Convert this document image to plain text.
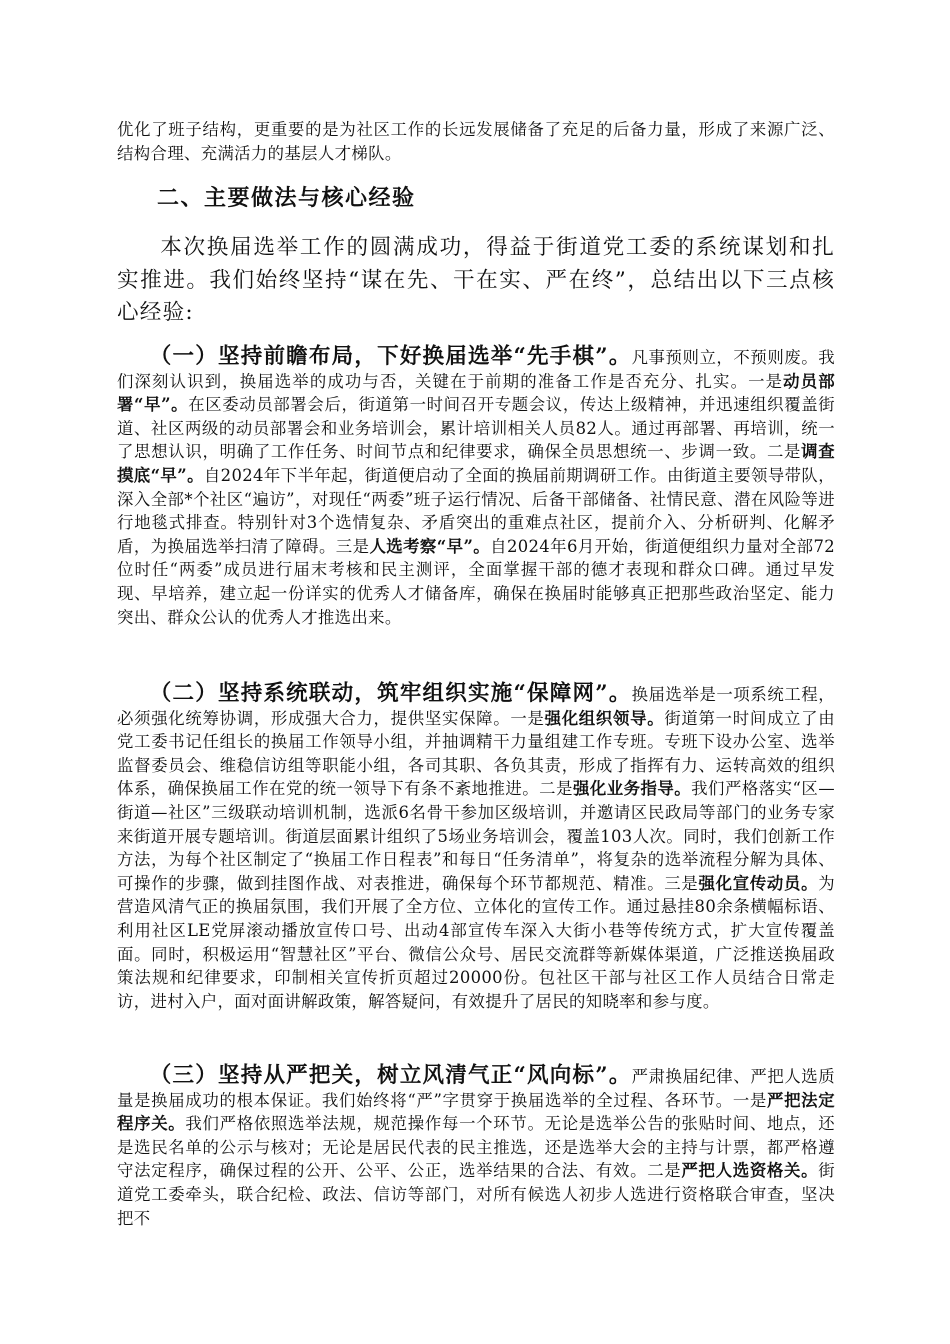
优化了班子结构，更重要的是为社区工作的长远发展储备了充足的后备力量，形成了来源广泛、结构合理、充满活力的基层人才梯队。

二、主要做法与核心经验

本次换届选举工作的圆满成功，得益于街道党工委的系统谋划和扎实推进。我们始终坚持“谋在先、干在实、严在终”，总结出以下三点核心经验:

（一）坚持前瞻布局，下好换届选举“先手棋”。凡事预则立，不预则废。我们深刻认识到，换届选举的成功与否，关键在于前期的准备工作是否充分、扎实。一是动员部署“早”。在区委动员部署会后，街道第一时间召开专题会议，传达上级精神，并迅速组织覆盖街道、社区两级的动员部署会和业务培训会，累计培训相关人员82人。通过再部署、再培训，统一了思想认识，明确了工作任务、时间节点和纪律要求，确保全员思想统一、步调一致。二是调查摸底“早”。自2024年下半年起，街道便启动了全面的换届前期调研工作。由街道主要领导带队，深入全部*个社区“遍访”，对现任“两委”班子运行情况、后备干部储备、社情民意、潜在风险等进行地毯式排查。特别针对3个选情复杂、矛盾突出的重难点社区，提前介入、分析研判、化解矛盾，为换届选举扫清了障碍。三是人选考察“早”。自2024年6月开始，街道便组织力量对全部72位时任“两委”成员进行届末考核和民主测评，全面掌握干部的德才表现和群众口碑。通过早发现、早培养，建立起一份详实的优秀人才储备库，确保在换届时能够真正把那些政治坚定、能力突出、群众公认的优秀人才推选出来。

（二）坚持系统联动，筑牢组织实施“保障网”。换届选举是一项系统工程，必须强化统筹协调，形成强大合力，提供坚实保障。一是强化组织领导。街道第一时间成立了由党工委书记任组长的换届工作领导小组，并抽调精干力量组建工作专班。专班下设办公室、选举监督委员会、维稳信访组等职能小组，各司其职、各负其责，形成了指挥有力、运转高效的组织体系，确保换届工作在党的统一领导下有条不紊地推进。二是强化业务指导。我们严格落实“区—街道—社区”三级联动培训机制，选派6名骨干参加区级培训，并邀请区民政局等部门的业务专家来街道开展专题培训。街道层面累计组织了5场业务培训会，覆盖103人次。同时，我们创新工作方法，为每个社区制定了“换届工作日程表”和每日“任务清单”，将复杂的选举流程分解为具体、可操作的步骤，做到挂图作战、对表推进，确保每个环节都规范、精准。三是强化宣传动员。为营造风清气正的换届氛围，我们开展了全方位、立体化的宣传工作。通过悬挂80余条横幅标语、利用社区LE党屏滚动播放宣传口号、出动4部宣传车深入大街小巷等传统方式，扩大宣传覆盖面。同时，积极运用“智慧社区”平台、微信公众号、居民交流群等新媒体渠道，广泛推送换届政策法规和纪律要求，印制相关宣传折页超过20000份。包社区干部与社区工作人员结合日常走访，进村入户，面对面讲解政策，解答疑问，有效提升了居民的知晓率和参与度。

（三）坚持从严把关，树立风清气正“风向标”。严肃换届纪律、严把人选质量是换届成功的根本保证。我们始终将“严”字贯穿于换届选举的全过程、各环节。一是严把法定程序关。我们严格依照选举法规，规范操作每一个环节。无论是选举公告的张贴时间、地点，还是选民名单的公示与核对；无论是居民代表的民主推选，还是选举大会的主持与计票，都严格遵守法定程序，确保过程的公开、公平、公正，选举结果的合法、有效。二是严把人选资格关。街道党工委牵头，联合纪检、政法、信访等部门，对所有候选人初步人选进行资格联合审查，坚决把不
